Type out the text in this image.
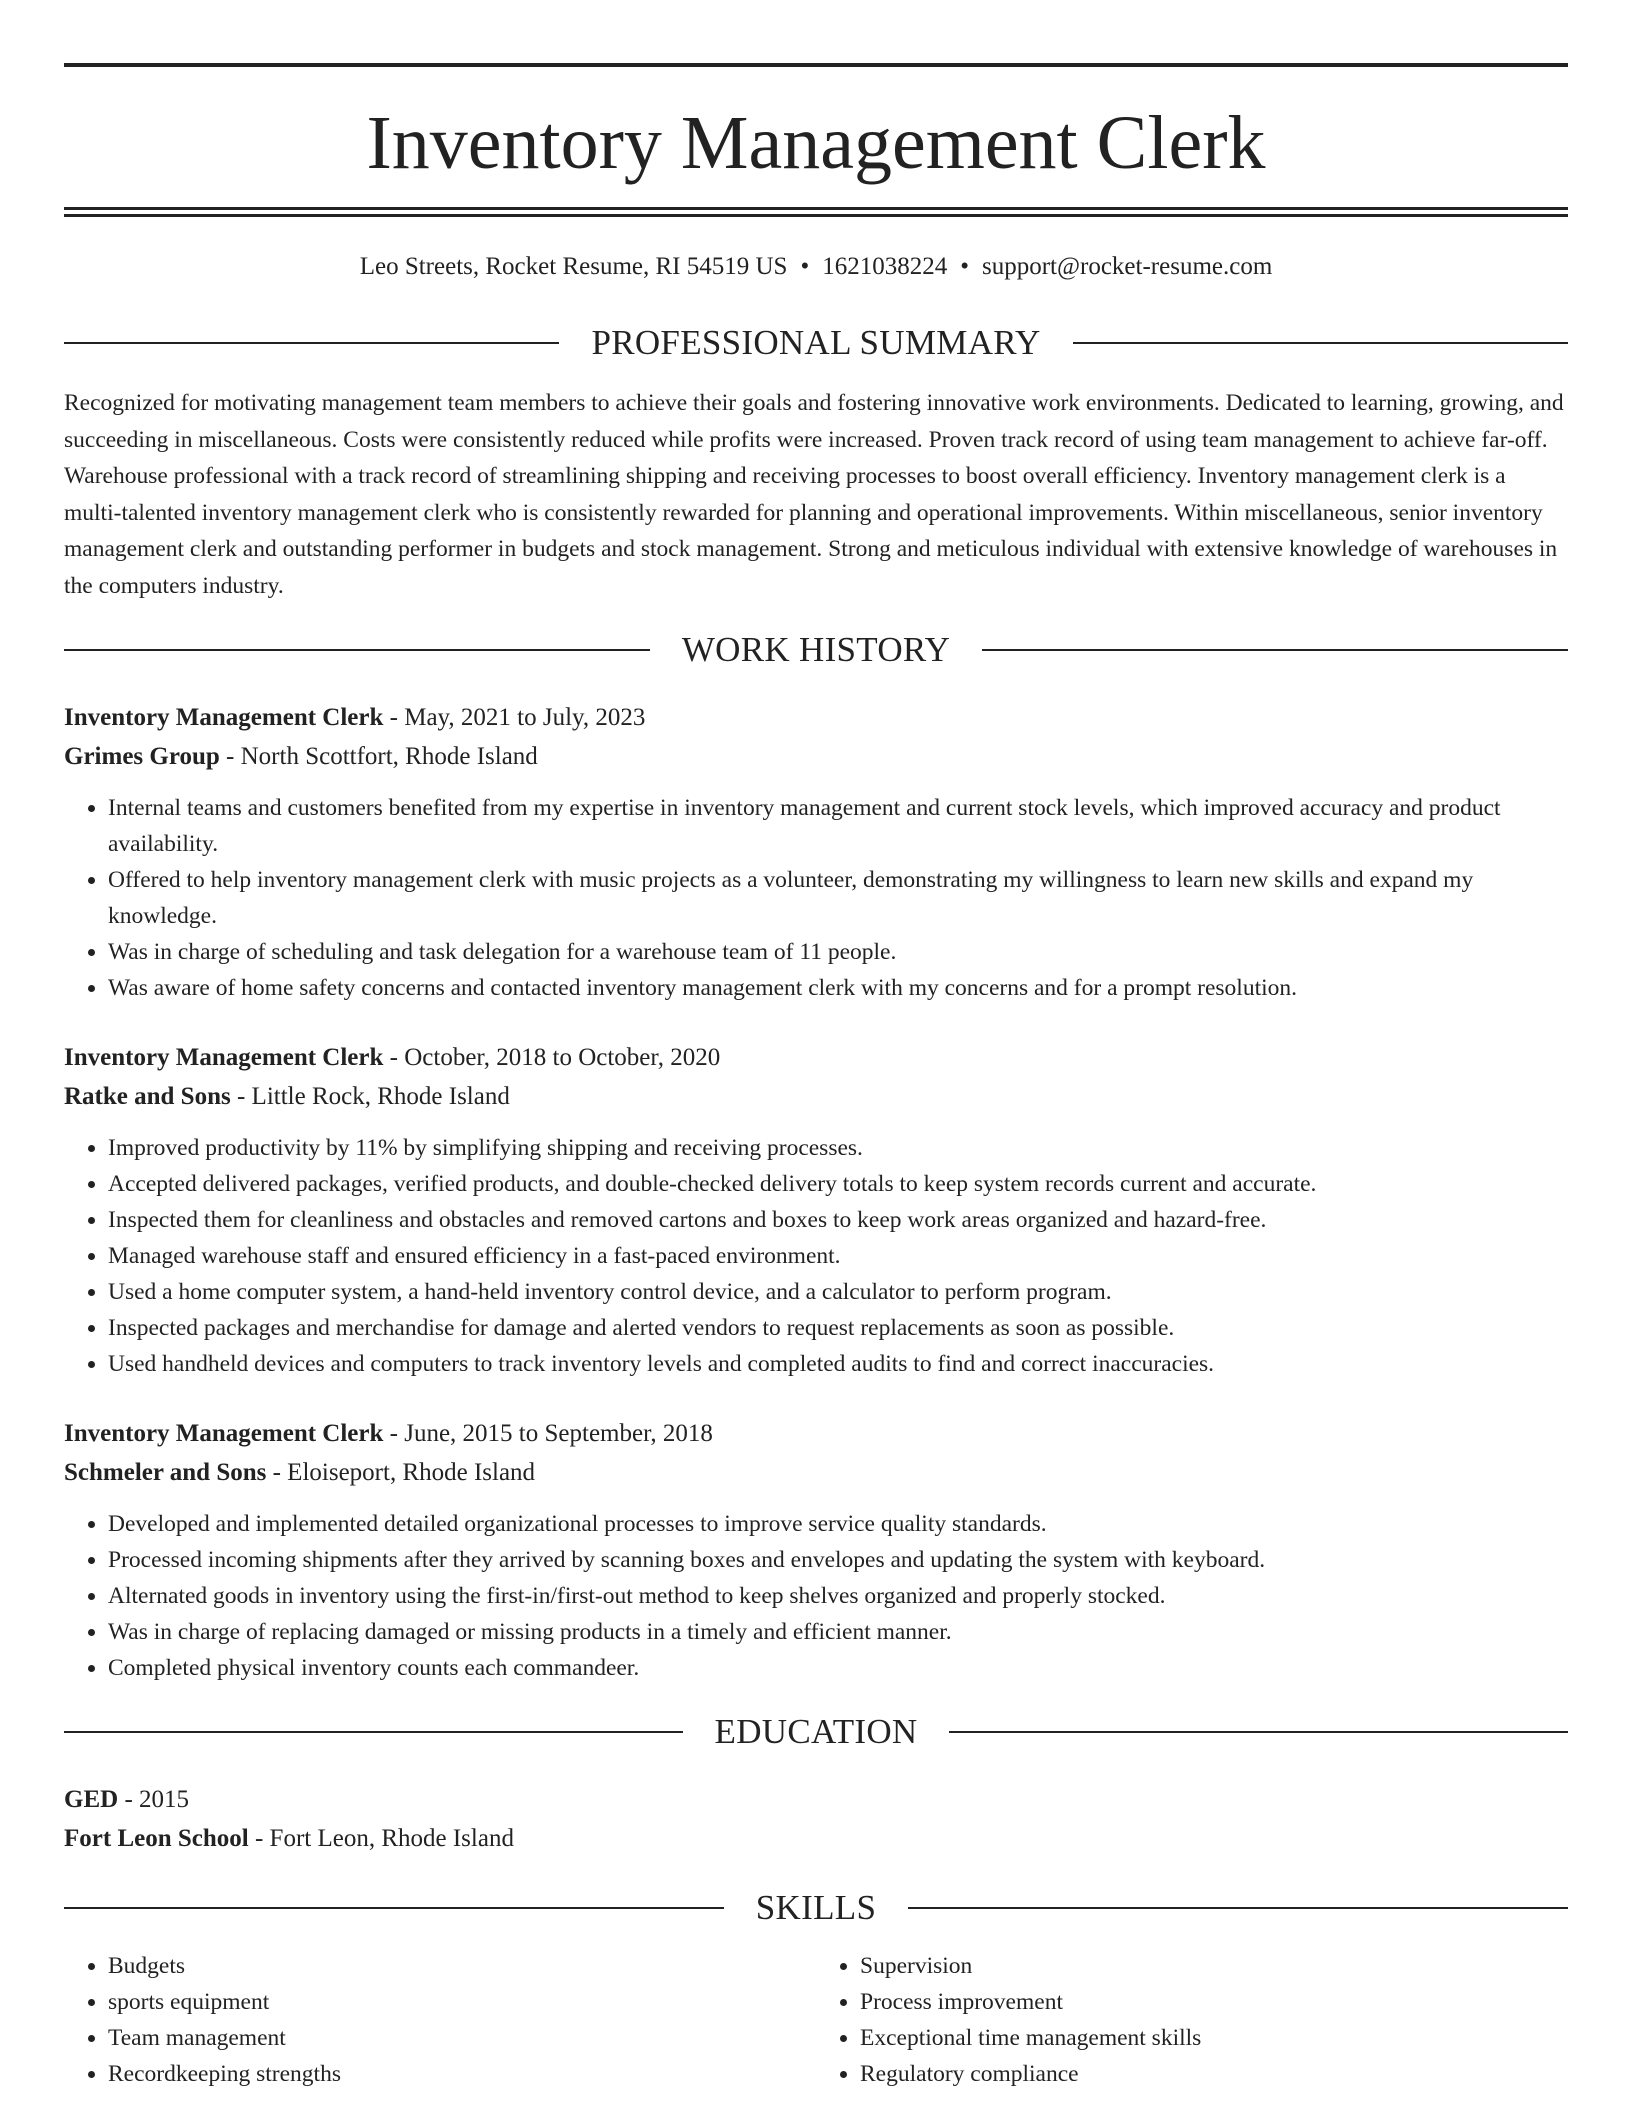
Inventory Management Clerk
Leo Streets, Rocket Resume, RI 54519 US • 1621038224 • support@rocket-resume.com
PROFESSIONAL SUMMARY
Recognized for motivating management team members to achieve their goals and fostering innovative work environments. Dedicated to learning, growing, and succeeding in miscellaneous. Costs were consistently reduced while profits were increased. Proven track record of using team management to achieve far-off. Warehouse professional with a track record of streamlining shipping and receiving processes to boost overall efficiency. Inventory management clerk is a multi-talented inventory management clerk who is consistently rewarded for planning and operational improvements. Within miscellaneous, senior inventory management clerk and outstanding performer in budgets and stock management. Strong and meticulous individual with extensive knowledge of warehouses in the computers industry.
WORK HISTORY
Inventory Management Clerk - May, 2021 to July, 2023
Grimes Group - North Scottfort, Rhode Island
• Internal teams and customers benefited from my expertise in inventory management and current stock levels, which improved accuracy and product availability.
• Offered to help inventory management clerk with music projects as a volunteer, demonstrating my willingness to learn new skills and expand my knowledge.
• Was in charge of scheduling and task delegation for a warehouse team of 11 people.
• Was aware of home safety concerns and contacted inventory management clerk with my concerns and for a prompt resolution.
Inventory Management Clerk - October, 2018 to October, 2020
Ratke and Sons - Little Rock, Rhode Island
• Improved productivity by 11% by simplifying shipping and receiving processes.
• Accepted delivered packages, verified products, and double-checked delivery totals to keep system records current and accurate.
• Inspected them for cleanliness and obstacles and removed cartons and boxes to keep work areas organized and hazard-free.
• Managed warehouse staff and ensured efficiency in a fast-paced environment.
• Used a home computer system, a hand-held inventory control device, and a calculator to perform program.
• Inspected packages and merchandise for damage and alerted vendors to request replacements as soon as possible.
• Used handheld devices and computers to track inventory levels and completed audits to find and correct inaccuracies.
Inventory Management Clerk - June, 2015 to September, 2018
Schmeler and Sons - Eloiseport, Rhode Island
• Developed and implemented detailed organizational processes to improve service quality standards.
• Processed incoming shipments after they arrived by scanning boxes and envelopes and updating the system with keyboard.
• Alternated goods in inventory using the first-in/first-out method to keep shelves organized and properly stocked.
• Was in charge of replacing damaged or missing products in a timely and efficient manner.
• Completed physical inventory counts each commandeer.
EDUCATION
GED - 2015
Fort Leon School - Fort Leon, Rhode Island
SKILLS
• Budgets
• sports equipment
• Team management
• Recordkeeping strengths
• Supervision
• Process improvement
• Exceptional time management skills
• Regulatory compliance
